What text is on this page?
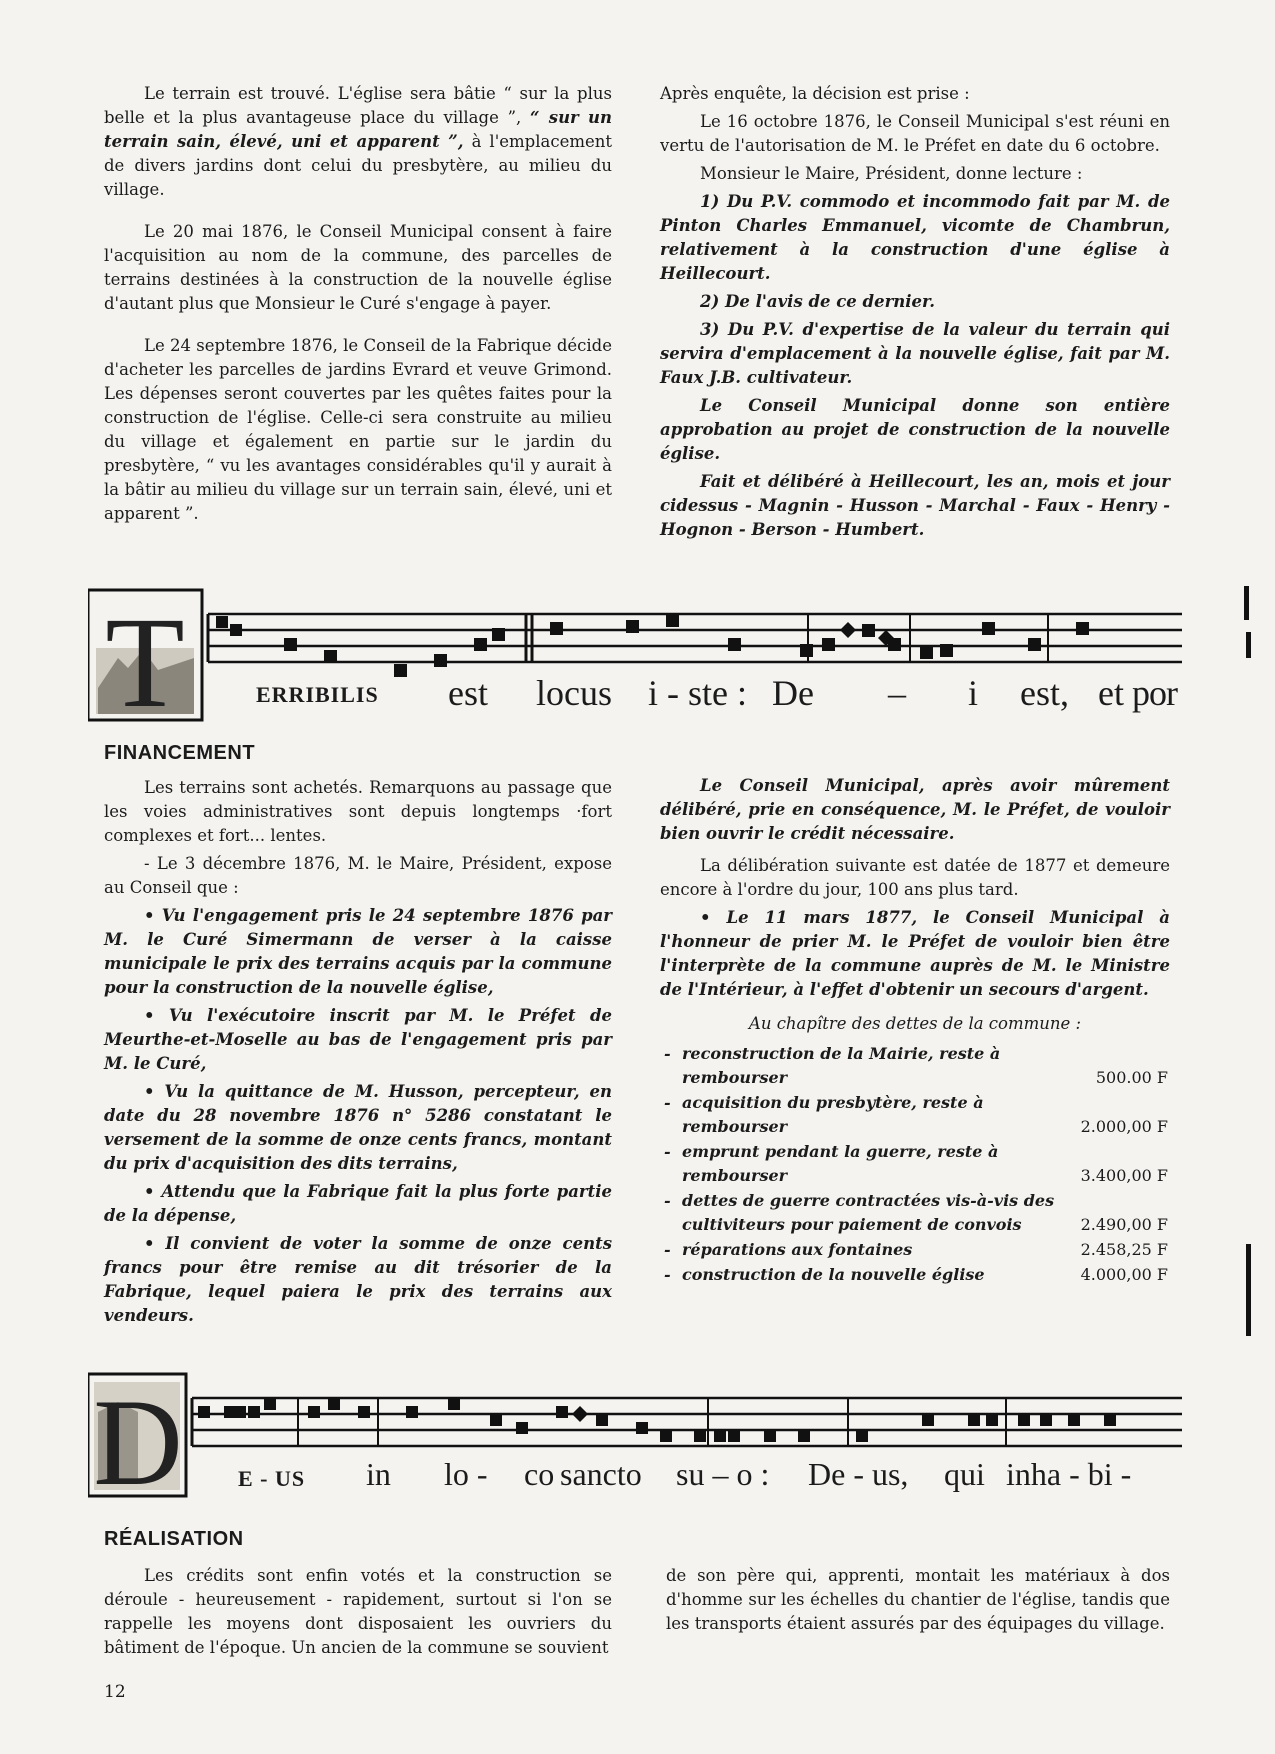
Le terrain est trouvé. L'église sera bâtie “ sur la plus belle et la plus avantageuse place du village ”, “ sur un terrain sain, élevé, uni et apparent ”, à l'emplacement de divers jardins dont celui du presbytère, au milieu du village.

Le 20 mai 1876, le Conseil Municipal consent à faire l'acquisition au nom de la commune, des parcelles de terrains destinées à la construction de la nouvelle église d'autant plus que Monsieur le Curé s'engage à payer.

Le 24 septembre 1876, le Conseil de la Fabrique décide d'acheter les parcelles de jardins Evrard et veuve Grimond. Les dépenses seront couvertes par les quêtes faites pour la construction de l'église. Celle-ci sera construite au milieu du village et également en partie sur le jardin du presbytère, “ vu les avantages considérables qu'il y aurait à la bâtir au milieu du village sur un terrain sain, élevé, uni et apparent ”.

Après enquête, la décision est prise :

Le 16 octobre 1876, le Conseil Municipal s'est réuni en vertu de l'autorisation de M. le Préfet en date du 6 octobre.

Monsieur le Maire, Président, donne lecture :

1) Du P.V. commodo et incommodo fait par M. de Pinton Charles Emmanuel, vicomte de Chambrun, relativement à la construction d'une église à Heillecourt.

2) De l'avis de ce dernier.

3) Du P.V. d'expertise de la valeur du terrain qui servira d'emplacement à la nouvelle église, fait par M. Faux J.B. cultivateur.

Le Conseil Municipal donne son entière approbation au projet de construction de la nouvelle église.

Fait et délibéré à Heillecourt, les an, mois et jour cidessus - Magnin - Husson - Marchal - Faux - Henry - Hognon - Berson - Humbert.

T	ERRIBILIS est locus i - ste : De – i est, et por
FINANCEMENT

Les terrains sont achetés. Remarquons au passage que les voies administratives sont depuis longtemps ·fort complexes et fort... lentes.

- Le 3 décembre 1876, M. le Maire, Président, expose au Conseil que :

• Vu l'engagement pris le 24 septembre 1876 par M. le Curé Simermann de verser à la caisse municipale le prix des terrains acquis par la commune pour la construction de la nouvelle église,

• Vu l'exécutoire inscrit par M. le Préfet de Meurthe-et-Moselle au bas de l'engagement pris par M. le Curé,

• Vu la quittance de M. Husson, percepteur, en date du 28 novembre 1876 n° 5286 constatant le versement de la somme de onze cents francs, montant du prix d'acquisition des dits terrains,

• Attendu que la Fabrique fait la plus forte partie de la dépense,

• Il convient de voter la somme de onze cents francs pour être remise au dit trésorier de la Fabrique, lequel paiera le prix des terrains aux vendeurs.

Le Conseil Municipal, après avoir mûrement délibéré, prie en conséquence, M. le Préfet, de vouloir bien ouvrir le crédit nécessaire.

La délibération suivante est datée de 1877 et demeure encore à l'ordre du jour, 100 ans plus tard.

• Le 11 mars 1877, le Conseil Municipal à l'honneur de prier M. le Préfet de vouloir bien être l'interprète de la commune auprès de M. le Ministre de l'Intérieur, à l'effet d'obtenir un secours d'argent.

Au chapître des dettes de la commune :

- reconstruction de la Mairie, reste à rembourser	500.00 F
- acquisition du presbytère, reste à rembourser	2.000,00 F
- emprunt pendant la guerre, reste à rembourser	3.400,00 F
- dettes de guerre contractées vis-à-vis des cultiviteurs pour paiement de convois	2.490,00 F
- réparations aux fontaines	2.458,25 F
- construction de la nouvelle église	4.000,00 F
D	E - US in lo - co sancto su – o : De - us, qui inha - bi -
RÉALISATION

Les crédits sont enfin votés et la construction se déroule - heureusement - rapidement, surtout si l'on se rappelle les moyens dont disposaient les ouvriers du bâtiment de l'époque. Un ancien de la commune se souvient

de son père qui, apprenti, montait les matériaux à dos d'homme sur les échelles du chantier de l'église, tandis que les transports étaient assurés par des équipages du village.

12
